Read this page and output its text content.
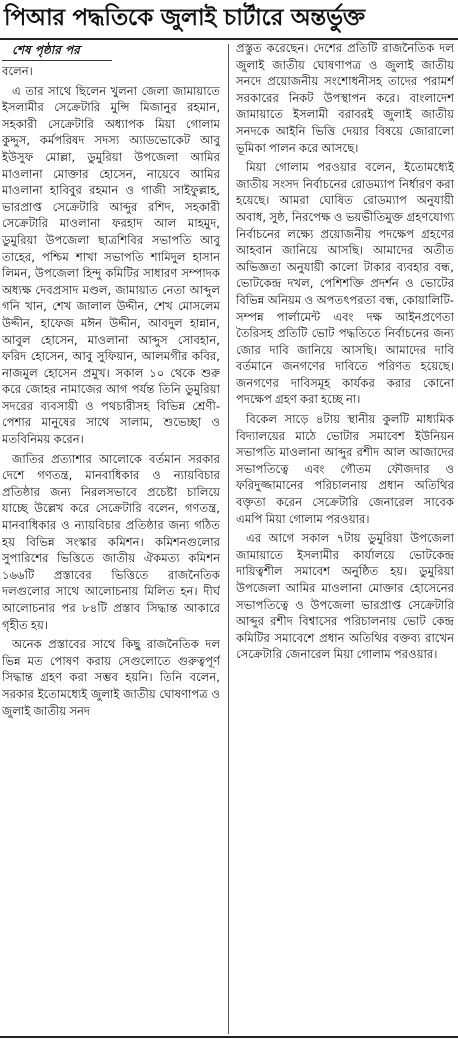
পিআর পদ্ধতিকে জুলাই চার্টারে অন্তর্ভুক্ত
শেষ পৃষ্ঠার পর

বলেন।

এ তার সাথে ছিলেন খুলনা জেলা জামায়াতে ইসলামীর সেক্রেটারি মুন্সি মিজানুর রহমান, সহকারী সেক্রেটারি অধ্যাপক মিয়া গোলাম কুদ্দুস, কর্মপরিষদ সদস্য অ্যাডভোকেট আবু ইউসুফ মোল্লা, ডুমুরিয়া উপজেলা আমির মাওলানা মোক্তার হোসেন, নায়েবে আমির মাওলানা হাবিবুর রহমান ও গাজী সাইফুল্লাহ, ভারপ্রাপ্ত সেক্রেটারি আব্দুর রশিদ, সহকারী সেক্রেটারি মাওলানা ফরহাদ আল মাহমুদ, ডুমুরিয়া উপজেলা ছাত্রশিবির সভাপতি আবু তাহের, পশ্চিম শাখা সভাপতি শামিদুল হাসান লিমন, উপজেলা হিন্দু কমিটির সাধারণ সম্পাদক অধ্যক্ষ দেবপ্রসাদ মণ্ডল, জামায়াত নেতা আব্দুল গনি খান, শেখ জালাল উদ্দীন, শেখ মোসলেম উদ্দীন, হাফেজ মঈন উদ্দীন, আবদুল হান্নান, আবুল হোসেন, মাওলানা আব্দুস সোবহান, ফরিদ হোসেন, আবু সুফিয়ান, আলমগীর কবির, নাজমুল হোসেন প্রমুখ। সকাল ১০ থেকে শুরু করে জোহর নামাজের আগ পর্যন্ত তিনি ডুমুরিয়া সদরের ব্যবসায়ী ও পথচারীসহ বিভিন্ন শ্রেণী-পেশার মানুষের সাথে সালাম, শুভেচ্ছা ও মতবিনিময় করেন।

জাতির প্রত্যাশার আলোকে বর্তমান সরকার দেশে গণতন্ত্র, মানবাধিকার ও ন্যায়বিচার প্রতিষ্ঠার জন্য নিরলসভাবে প্রচেষ্টা চালিয়ে যাচ্ছে উল্লেখ করে সেক্রেটারি বলেন, গণতন্ত্র, মানবাধিকার ও ন্যায়বিচার প্রতিষ্ঠার জন্য গঠিত হয় বিভিন্ন সংস্কার কমিশন। কমিশনগুলোর সুপারিশের ভিত্তিতে জাতীয় ঐকমত্য কমিশন ১৬৬টি প্রস্তাবের ভিত্তিতে রাজনৈতিক দলগুলোর সাথে আলোচনায় মিলিত হন। দীর্ঘ আলোচনার পর ৮৪টি প্রস্তাব সিদ্ধান্ত আকারে গৃহীত হয়।

অনেক প্রস্তাবের সাথে কিছু রাজনৈতিক দল ভিন্ন মত পোষণ করায় সেগুলোতে গুরুত্বপূর্ণ সিদ্ধান্ত গ্রহণ করা সম্ভব হয়নি। তিনি বলেন, সরকার ইতোমধ্যেই জুলাই জাতীয় ঘোষণাপত্র ও জুলাই জাতীয় সনদ

প্রস্তুত করেছেন। দেশের প্রতিটি রাজনৈতিক দল জুলাই জাতীয় ঘোষণাপত্র ও জুলাই জাতীয় সনদে প্রয়োজনীয় সংশোধনীসহ তাদের পরামর্শ সরকারের নিকট উপস্থাপন করে। বাংলাদেশ জামায়াতে ইসলামী বরাবরই জুলাই জাতীয় সনদকে আইনি ভিত্তি দেয়ার বিষয়ে জোরালো ভূমিকা পালন করে আসছে।

মিয়া গোলাম পরওয়ার বলেন, ইতোমধ্যেই জাতীয় সংসদ নির্বাচনের রোডম্যাপ নির্ধারণ করা হয়েছে। আমরা ঘোষিত রোডম্যাপ অনুযায়ী অবাধ, সুষ্ঠ, নিরপেক্ষ ও ভয়ভীতিমুক্ত গ্রহণযোগ্য নির্বাচনের লক্ষ্যে প্রয়োজনীয় পদক্ষেপ গ্রহণের আহবান জানিয়ে আসছি। আমাদের অতীত অভিজ্ঞতা অনুযায়ী কালো টাকার ব্যবহার বন্ধ, ভোটকেন্দ্র দখল, পেশিশক্তি প্রদর্শন ও ভোটের বিভিন্ন অনিয়ম ও অপতৎপরতা বন্ধ, কোয়ালিটি-সম্পন্ন পার্লামেন্ট এবং দক্ষ আইনপ্রণেতা তৈরিসহ প্রতিটি ভোট পদ্ধতিতে নির্বাচনের জন্য জোর দাবি জানিয়ে আসছি। আমাদের দাবি বর্তমানে জনগণের দাবিতে পরিণত হয়েছে। জনগণের দাবিসমূহ কার্যকর করার কোনো পদক্ষেপ গ্রহণ করা হচ্ছে না।

বিকেল সাড়ে ৪টায় স্থানীয় কুলটি মাধ্যমিক বিদ্যালয়ের মাঠে ভোটার সমাবেশ ইউনিয়ন সভাপতি মাওলানা আব্দুর রশীদ আল আজাদের সভাপতিত্বে এবং গৌতম ফৌজদার ও ফরিদুজ্জামানের পরিচালনায় প্রধান অতিথির বক্তৃতা করেন সেক্রেটারি জেনারেল সাবেক এমপি মিয়া গোলাম পরওয়ার।

এর আগে সকাল ৭টায় ডুমুরিয়া উপজেলা জামায়াতে ইসলামীর কার্যালয়ে ভোটকেন্দ্র দায়িত্বশীল সমাবেশ অনুষ্ঠিত হয়। ডুমুরিয়া উপজেলা আমির মাওলানা মোক্তার হোসেনের সভাপতিত্বে ও উপজেলা ভারপ্রাপ্ত সেক্রেটারি আব্দুর রশীদ বিশ্বাসের পরিচালনায় ভোট কেন্দ্র কমিটির সমাবেশে প্রধান অতিথির বক্তব্য রাখেন সেক্রেটারি জেনারেল মিয়া গোলাম পরওয়ার।
